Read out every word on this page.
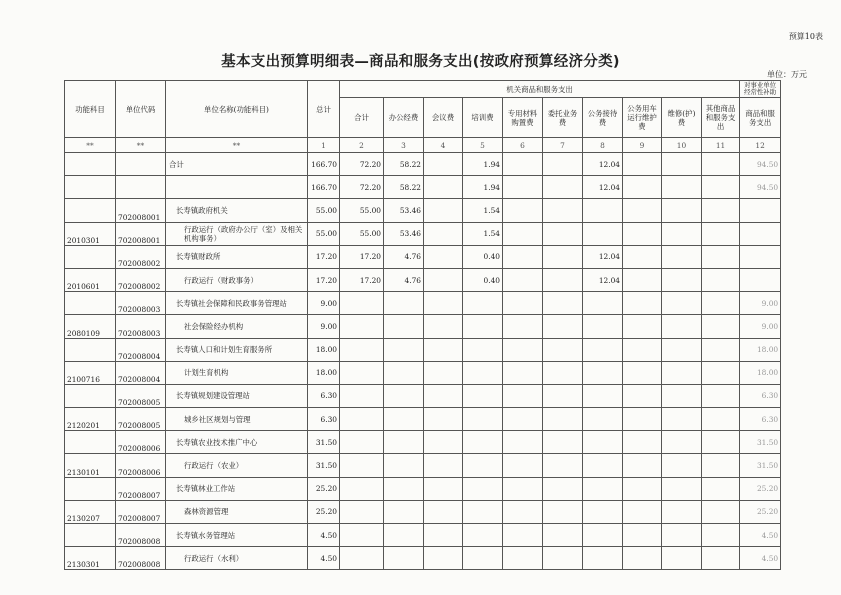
预算10表
基本支出预算明细表—商品和服务支出(按政府预算经济分类)
单位：万元
功能科目	单位代码	单位名称(功能科目)	总计	机关商品和服务支出										对事业单位经常性补助
				合计	办公经费	会议费	培训费	专用材料购置费	委托业务费	公务接待费	公务用车运行维护费	维修(护)费	其他商品和服务支出	商品和服务支出
**	**	**	1	2	3	4	5	6	7	8	9	10	11	12
		合计	166.70	72.20	58.22		1.94			12.04				94.50
			166.70	72.20	58.22		1.94			12.04				94.50
	702008001	长寿镇政府机关	55.00	55.00	53.46		1.54							
2010301	702008001	行政运行（政府办公厅（室）及相关机构事务）	55.00	55.00	53.46		1.54							
	702008002	长寿镇财政所	17.20	17.20	4.76		0.40			12.04				
2010601	702008002	行政运行（财政事务）	17.20	17.20	4.76		0.40			12.04				
	702008003	长寿镇社会保障和民政事务管理站	9.00											9.00
2080109	702008003	社会保险经办机构	9.00											9.00
	702008004	长寿镇人口和计划生育服务所	18.00											18.00
2100716	702008004	计划生育机构	18.00											18.00
	702008005	长寿镇规划建设管理站	6.30											6.30
2120201	702008005	城乡社区规划与管理	6.30											6.30
	702008006	长寿镇农业技术推广中心	31.50											31.50
2130101	702008006	行政运行（农业）	31.50											31.50
	702008007	长寿镇林业工作站	25.20											25.20
2130207	702008007	森林资源管理	25.20											25.20
	702008008	长寿镇水务管理站	4.50											4.50
2130301	702008008	行政运行（水利）	4.50											4.50
